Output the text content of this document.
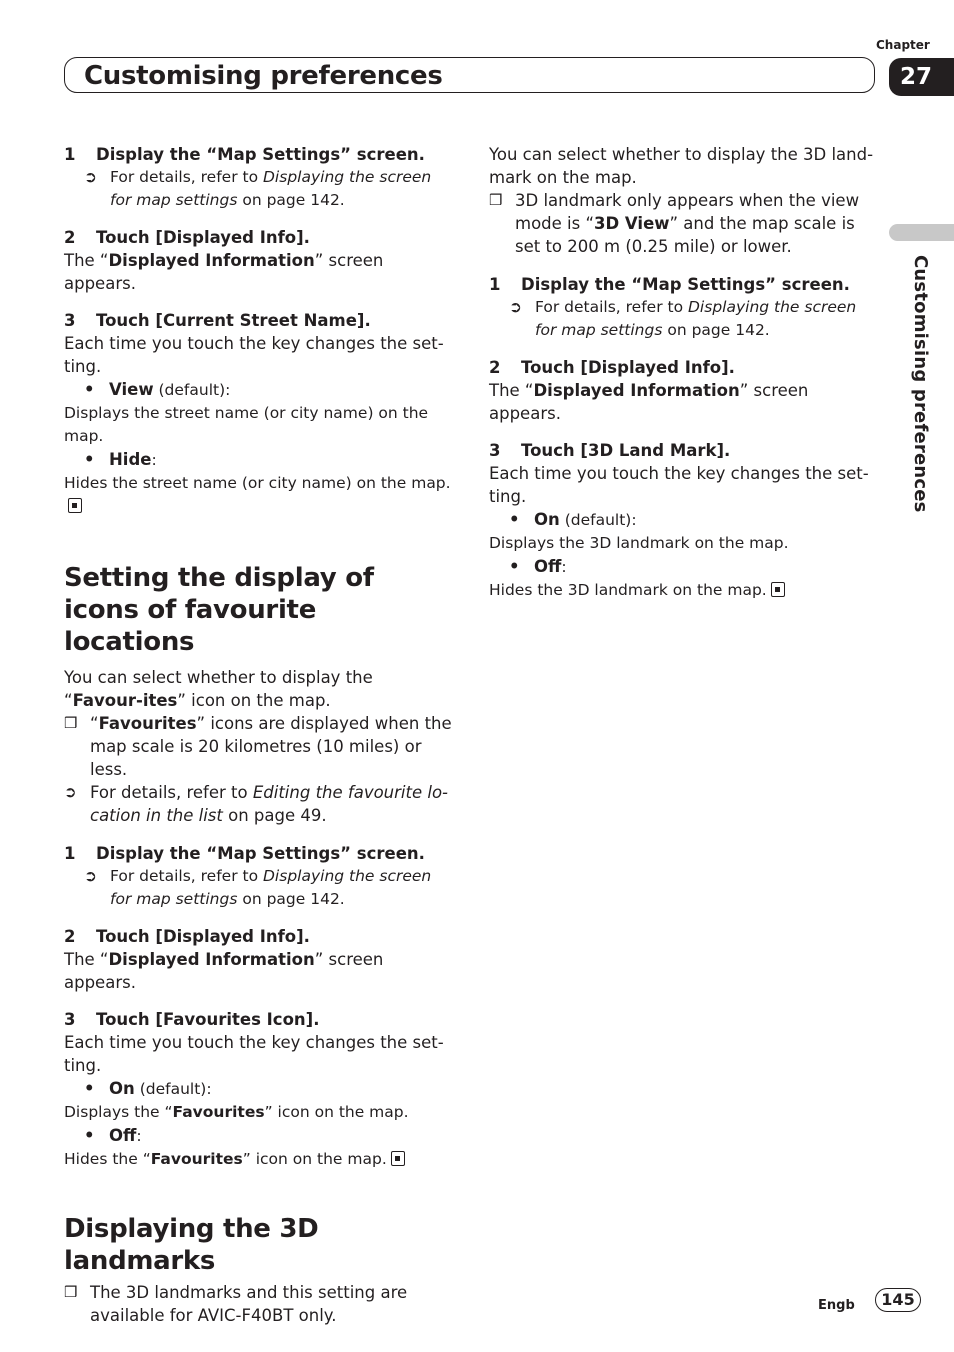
Chapter
27
Customising preferences
Customising preferences

1 Display the “Map Settings” screen.

➲ For details, refer to Displaying the screen for map settings on page 142.

2 Touch [Displayed Info].

The “Displayed Information” screen appears.

3 Touch [Current Street Name].

Each time you touch the key changes the set-ting.

• View (default):

Displays the street name (or city name) on the map.

• Hide:

Hides the street name (or city name) on the map.

Setting the display of icons of favourite locations

You can select whether to display the “Favour-ites” icon on the map.

❒ “Favourites” icons are displayed when the map scale is 20 kilometres (10 miles) or less.
➲ For details, refer to Editing the favourite lo-cation in the list on page 49.

1 Display the “Map Settings” screen.

➲ For details, refer to Displaying the screen for map settings on page 142.

2 Touch [Displayed Info].

The “Displayed Information” screen appears.

3 Touch [Favourites Icon].

Each time you touch the key changes the set-ting.

• On (default):

Displays the “Favourites” icon on the map.

• Off:

Hides the “Favourites” icon on the map.

Displaying the 3D landmarks
❒ The 3D landmarks and this setting are available for AVIC-F40BT only.

You can select whether to display the 3D land-mark on the map.

❒ 3D landmark only appears when the view mode is “3D View” and the map scale is set to 200 m (0.25 mile) or lower.

1 Display the “Map Settings” screen.

➲ For details, refer to Displaying the screen for map settings on page 142.

2 Touch [Displayed Info].

The “Displayed Information” screen appears.

3 Touch [3D Land Mark].

Each time you touch the key changes the set-ting.

• On (default):

Displays the 3D landmark on the map.

• Off:

Hides the 3D landmark on the map.

Engb	145
